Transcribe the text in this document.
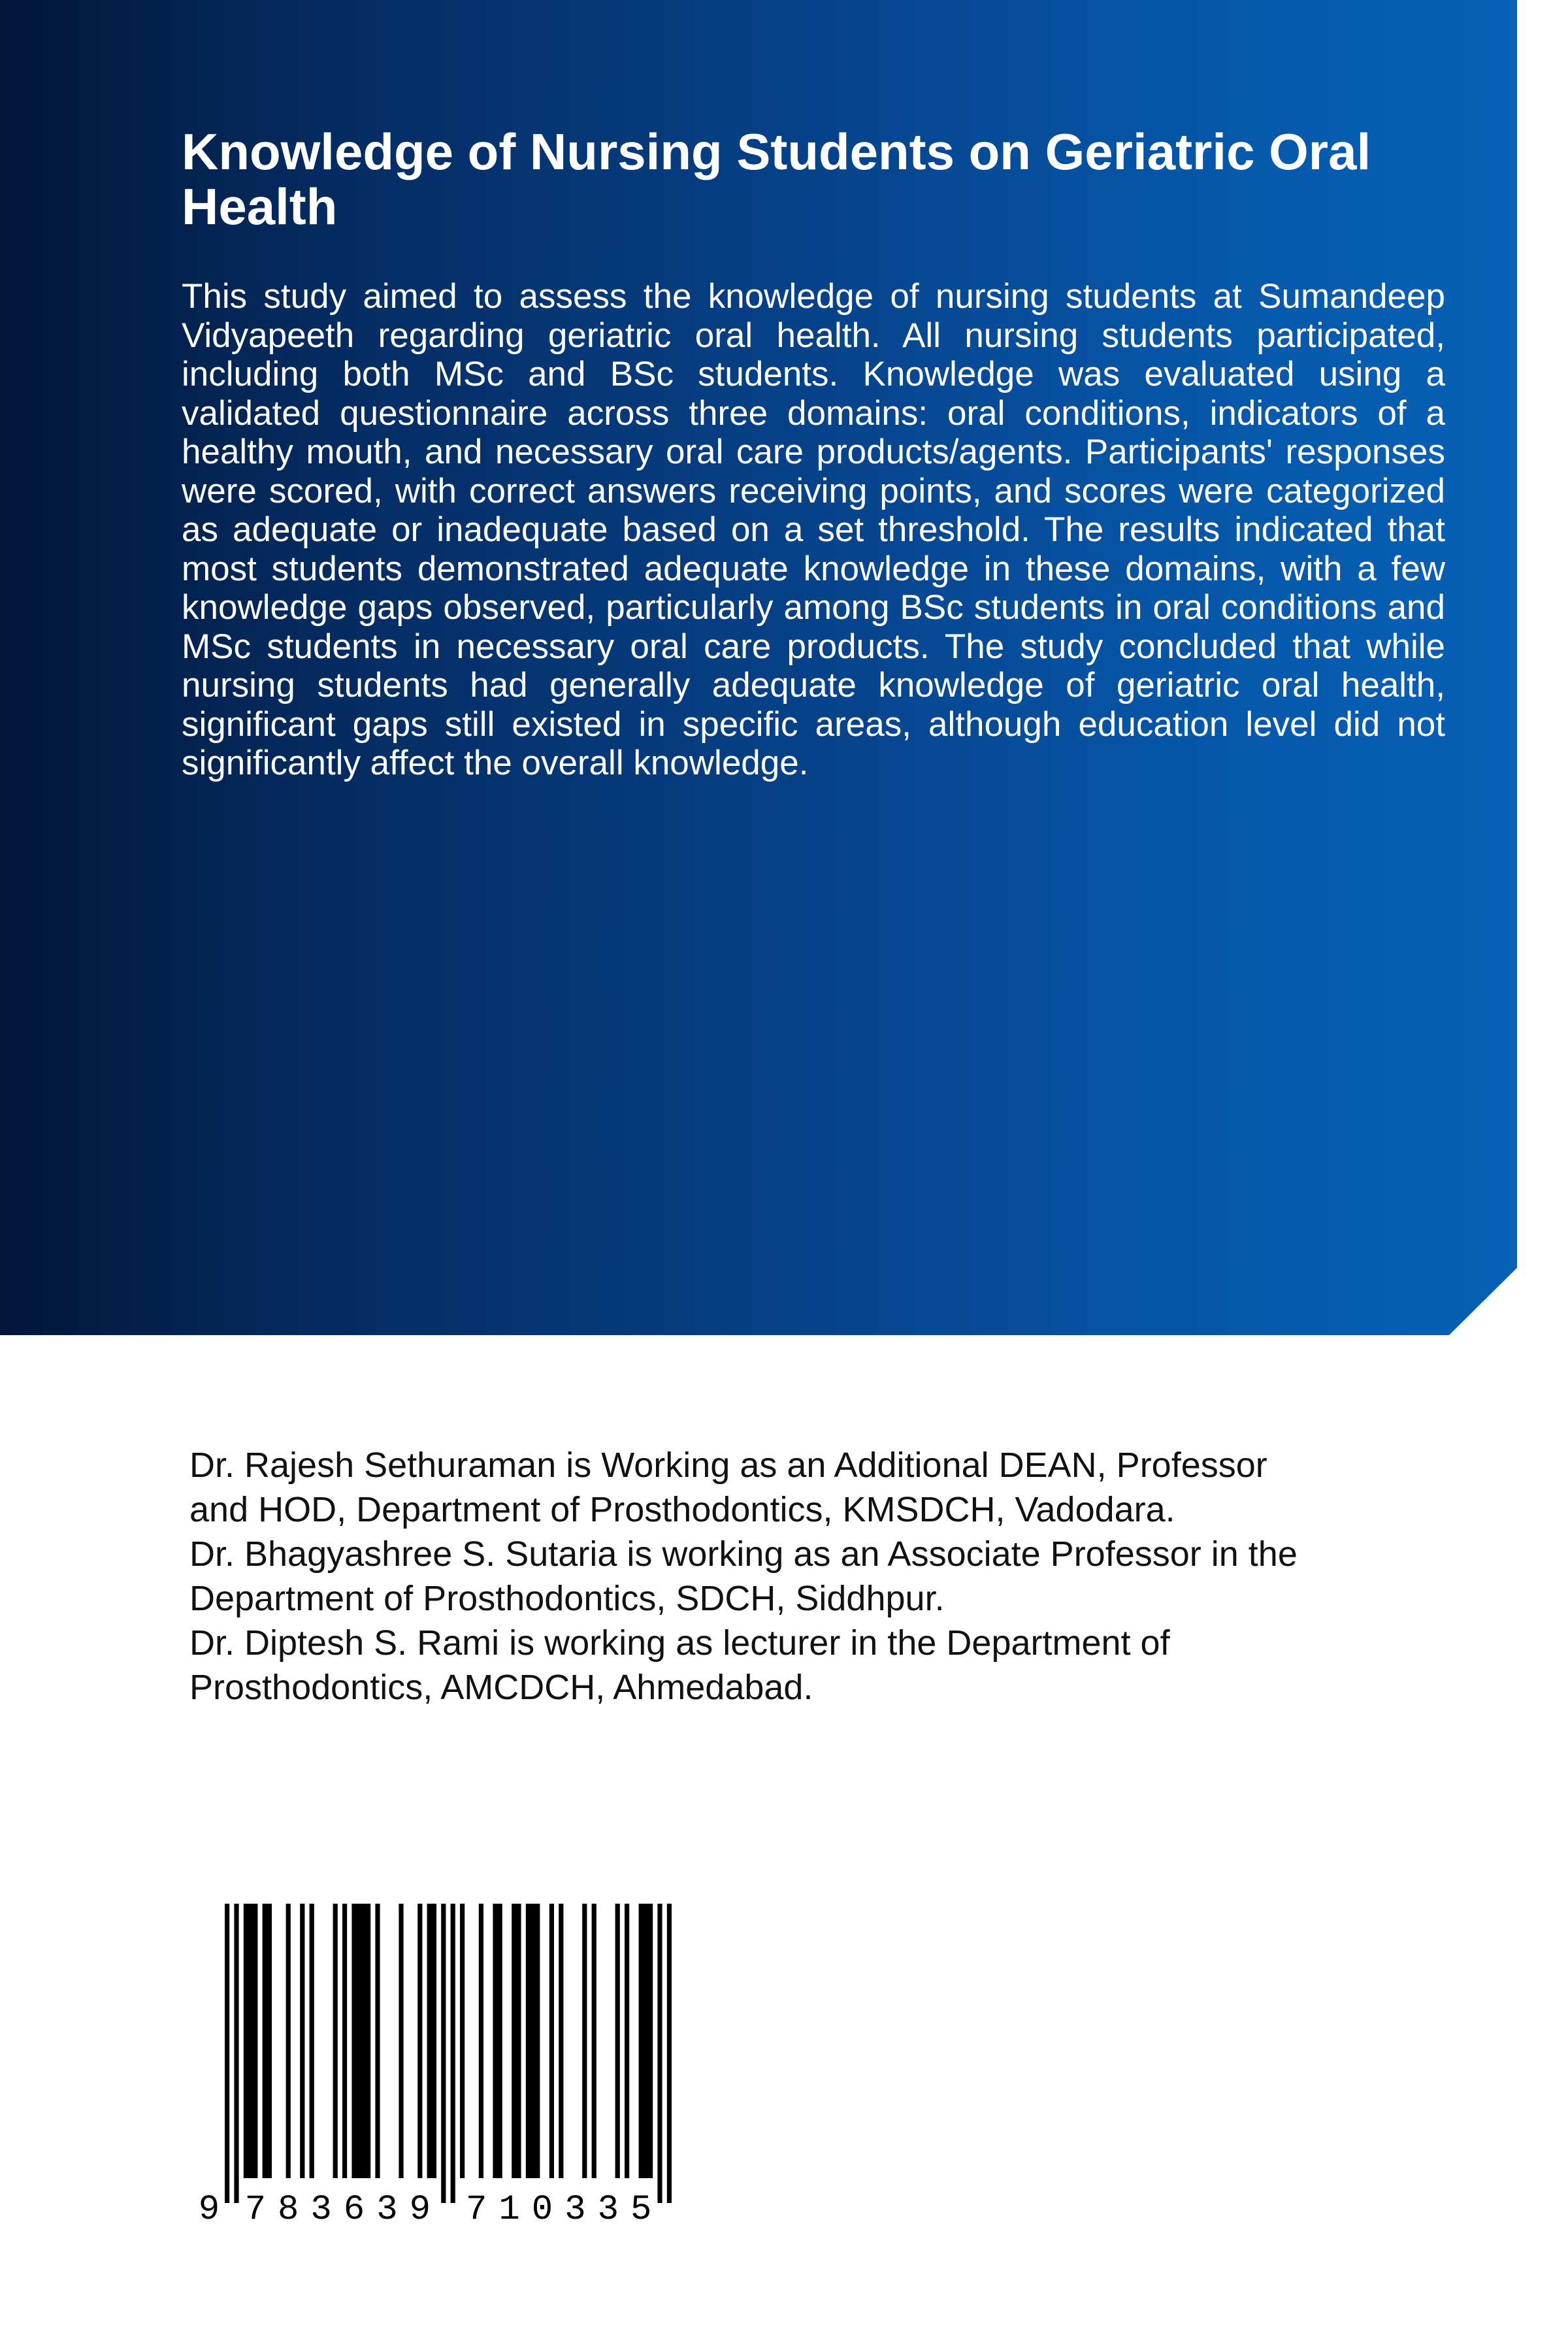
Knowledge of Nursing Students on Geriatric Oral Health

This study aimed to assess the knowledge of nursing students at Sumandeep Vidyapeeth regarding geriatric oral health. All nursing students participated, including both MSc and BSc students. Knowledge was evaluated using a validated questionnaire across three domains: oral conditions, indicators of a healthy mouth, and necessary oral care products/agents. Participants' responses were scored, with correct answers receiving points, and scores were categorized as adequate or inadequate based on a set threshold. The results indicated that most students demonstrated adequate knowledge in these domains, with a few knowledge gaps observed, particularly among BSc students in oral conditions and MSc students in necessary oral care products. The study concluded that while nursing students had generally adequate knowledge of geriatric oral health, significant gaps still existed in specific areas, although education level did not significantly affect the overall knowledge.

Dr. Rajesh Sethuraman is Working as an Additional DEAN, Professor
and HOD, Department of Prosthodontics, KMSDCH, Vadodara.
Dr. Bhagyashree S. Sutaria is working as an Associate Professor in the
Department of Prosthodontics, SDCH, Siddhpur.
Dr. Diptesh S. Rami is working as lecturer in the Department of
Prosthodontics, AMCDCH, Ahmedabad.
9 7 8 3 6 3 9 7 1 0 3 3 5
